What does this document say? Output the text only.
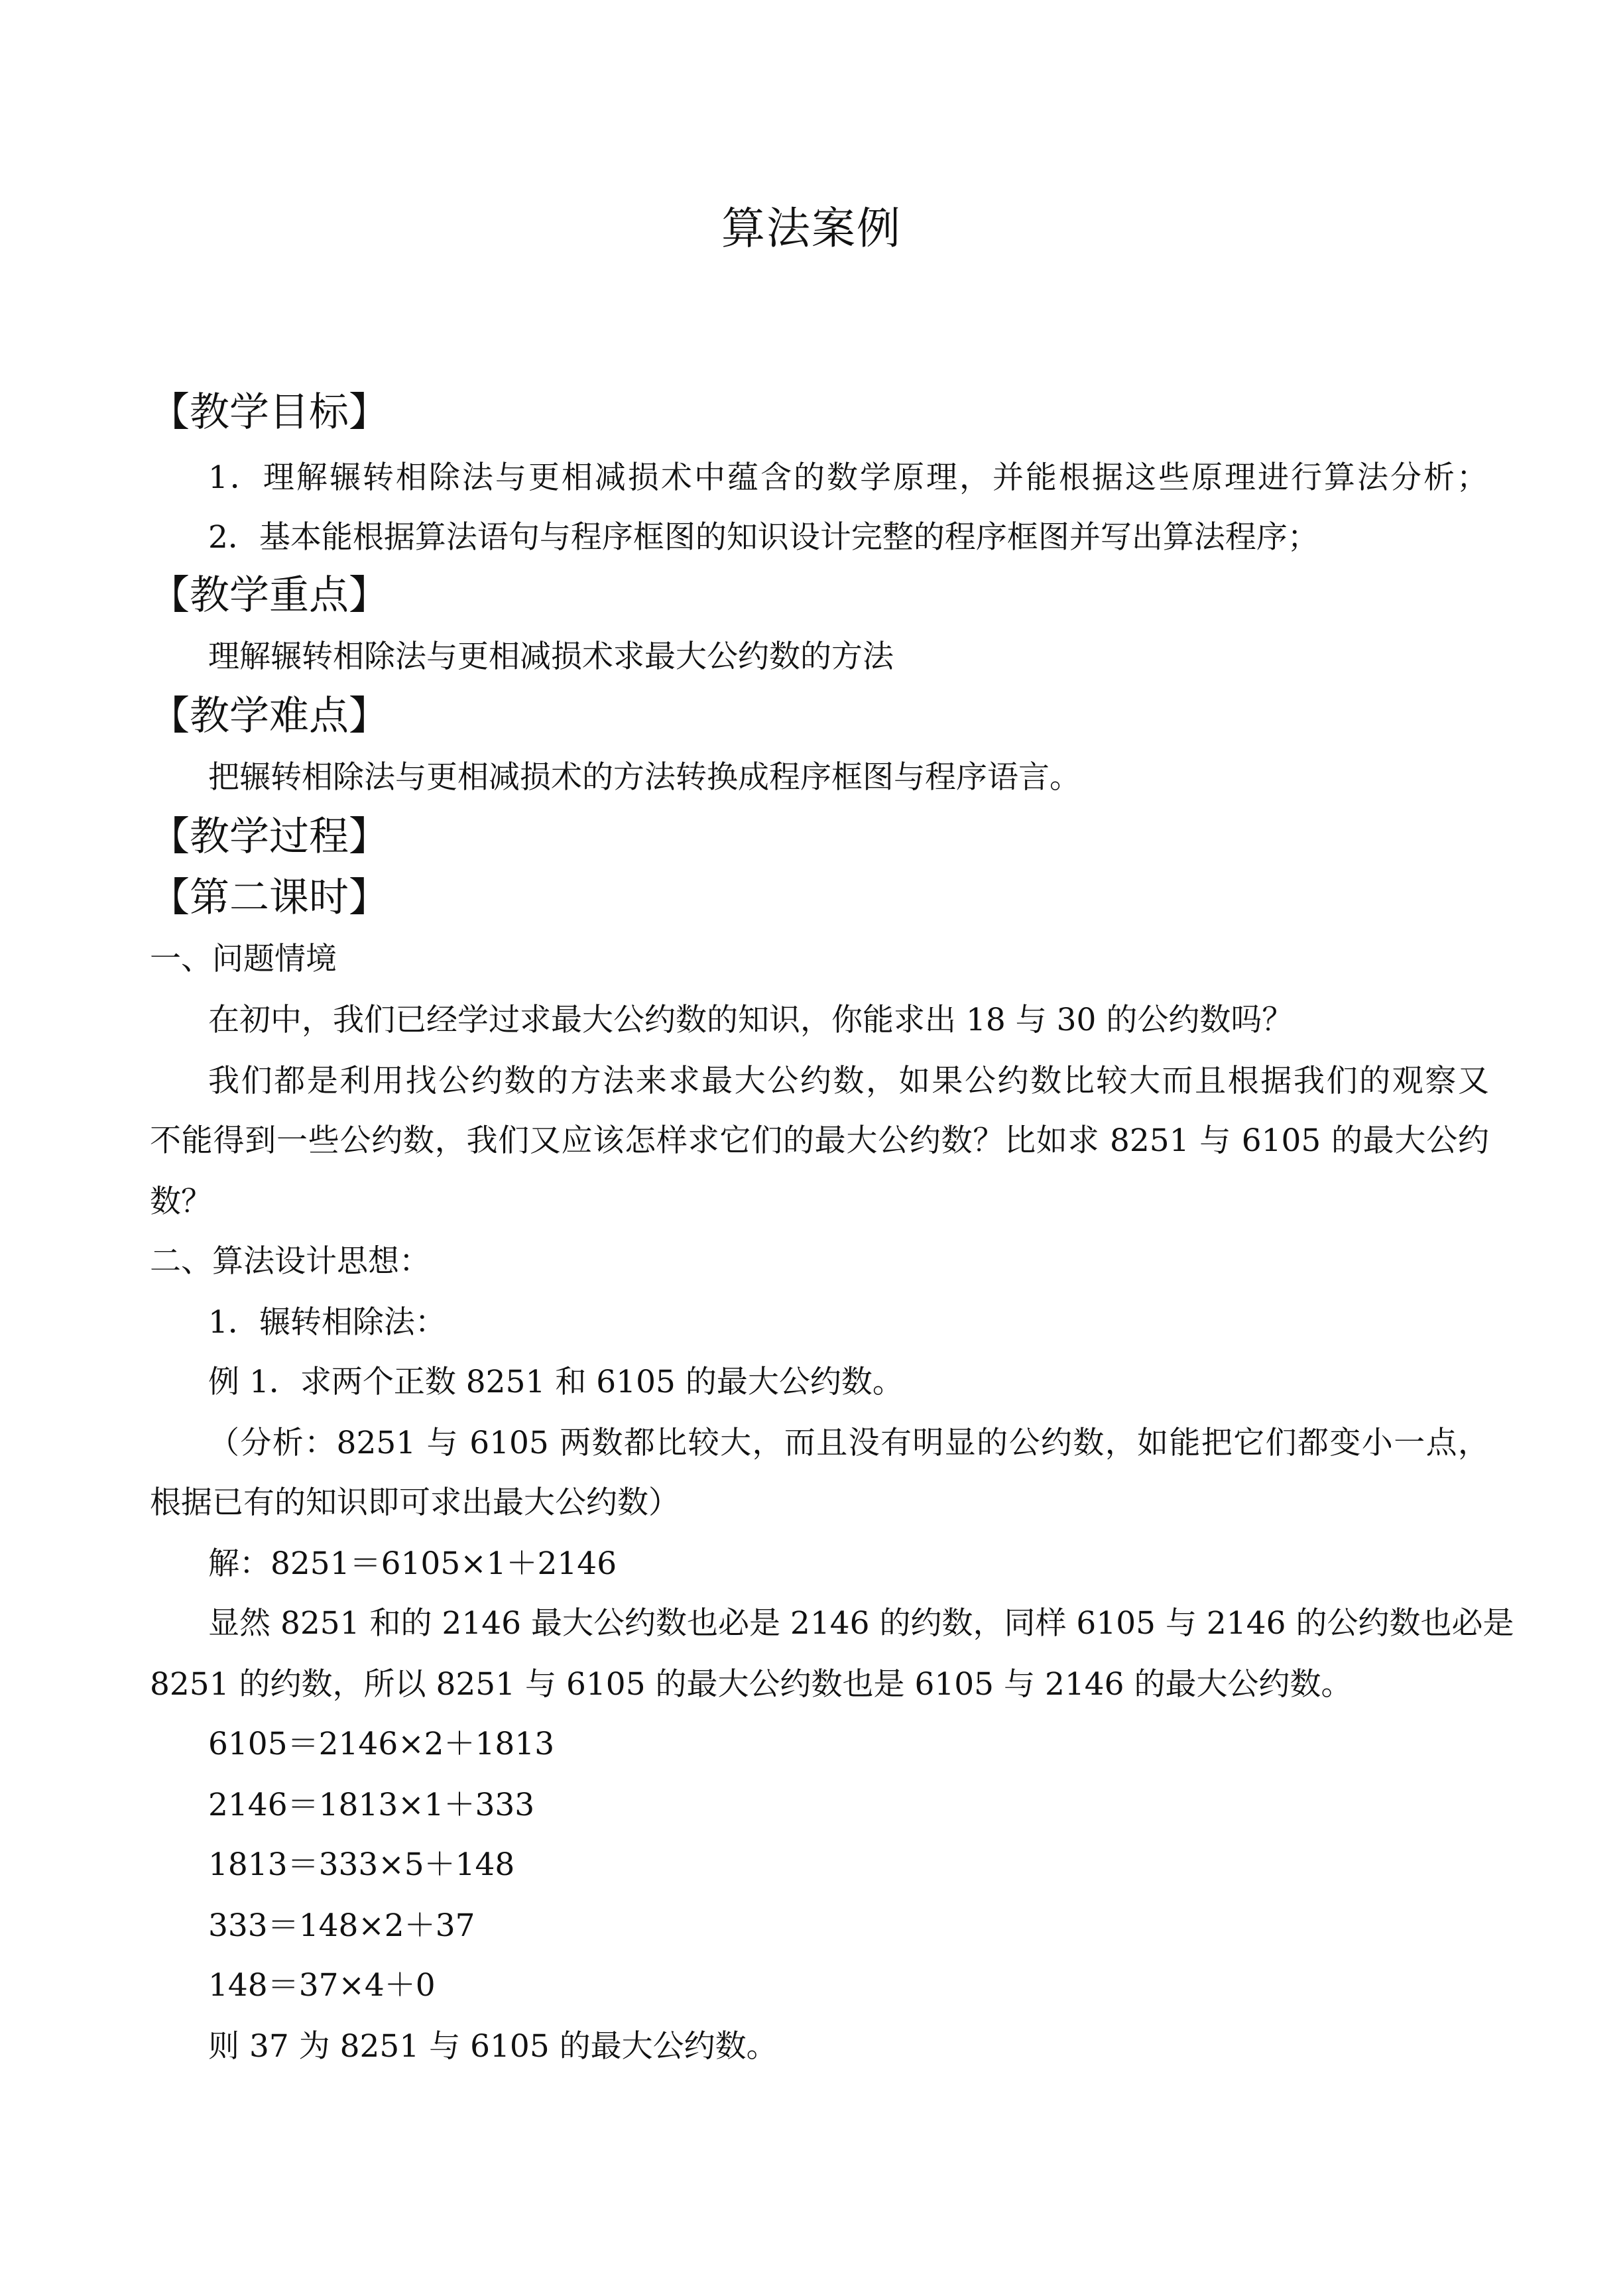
算法案例
【教学目标】
1．理解辗转相除法与更相减损术中蕴含的数学原理，并能根据这些原理进行算法分析；
2．基本能根据算法语句与程序框图的知识设计完整的程序框图并写出算法程序；
【教学重点】
理解辗转相除法与更相减损术求最大公约数的方法
【教学难点】
把辗转相除法与更相减损术的方法转换成程序框图与程序语言。
【教学过程】
【第二课时】
一、问题情境
在初中，我们已经学过求最大公约数的知识，你能求出 18 与 30 的公约数吗？
我们都是利用找公约数的方法来求最大公约数，如果公约数比较大而且根据我们的观察又
不能得到一些公约数，我们又应该怎样求它们的最大公约数？比如求 8251 与 6105 的最大公约
数？
二、算法设计思想：
1．辗转相除法：
例 1．求两个正数 8251 和 6105 的最大公约数。
（分析：8251 与 6105 两数都比较大，而且没有明显的公约数，如能把它们都变小一点，
根据已有的知识即可求出最大公约数）
解：8251＝6105×1＋2146
显然 8251 和的 2146 最大公约数也必是 2146 的约数，同样 6105 与 2146 的公约数也必是
8251 的约数，所以 8251 与 6105 的最大公约数也是 6105 与 2146 的最大公约数。
6105＝2146×2＋1813
2146＝1813×1＋333
1813＝333×5＋148
333＝148×2＋37
148＝37×4＋0
则 37 为 8251 与 6105 的最大公约数。
